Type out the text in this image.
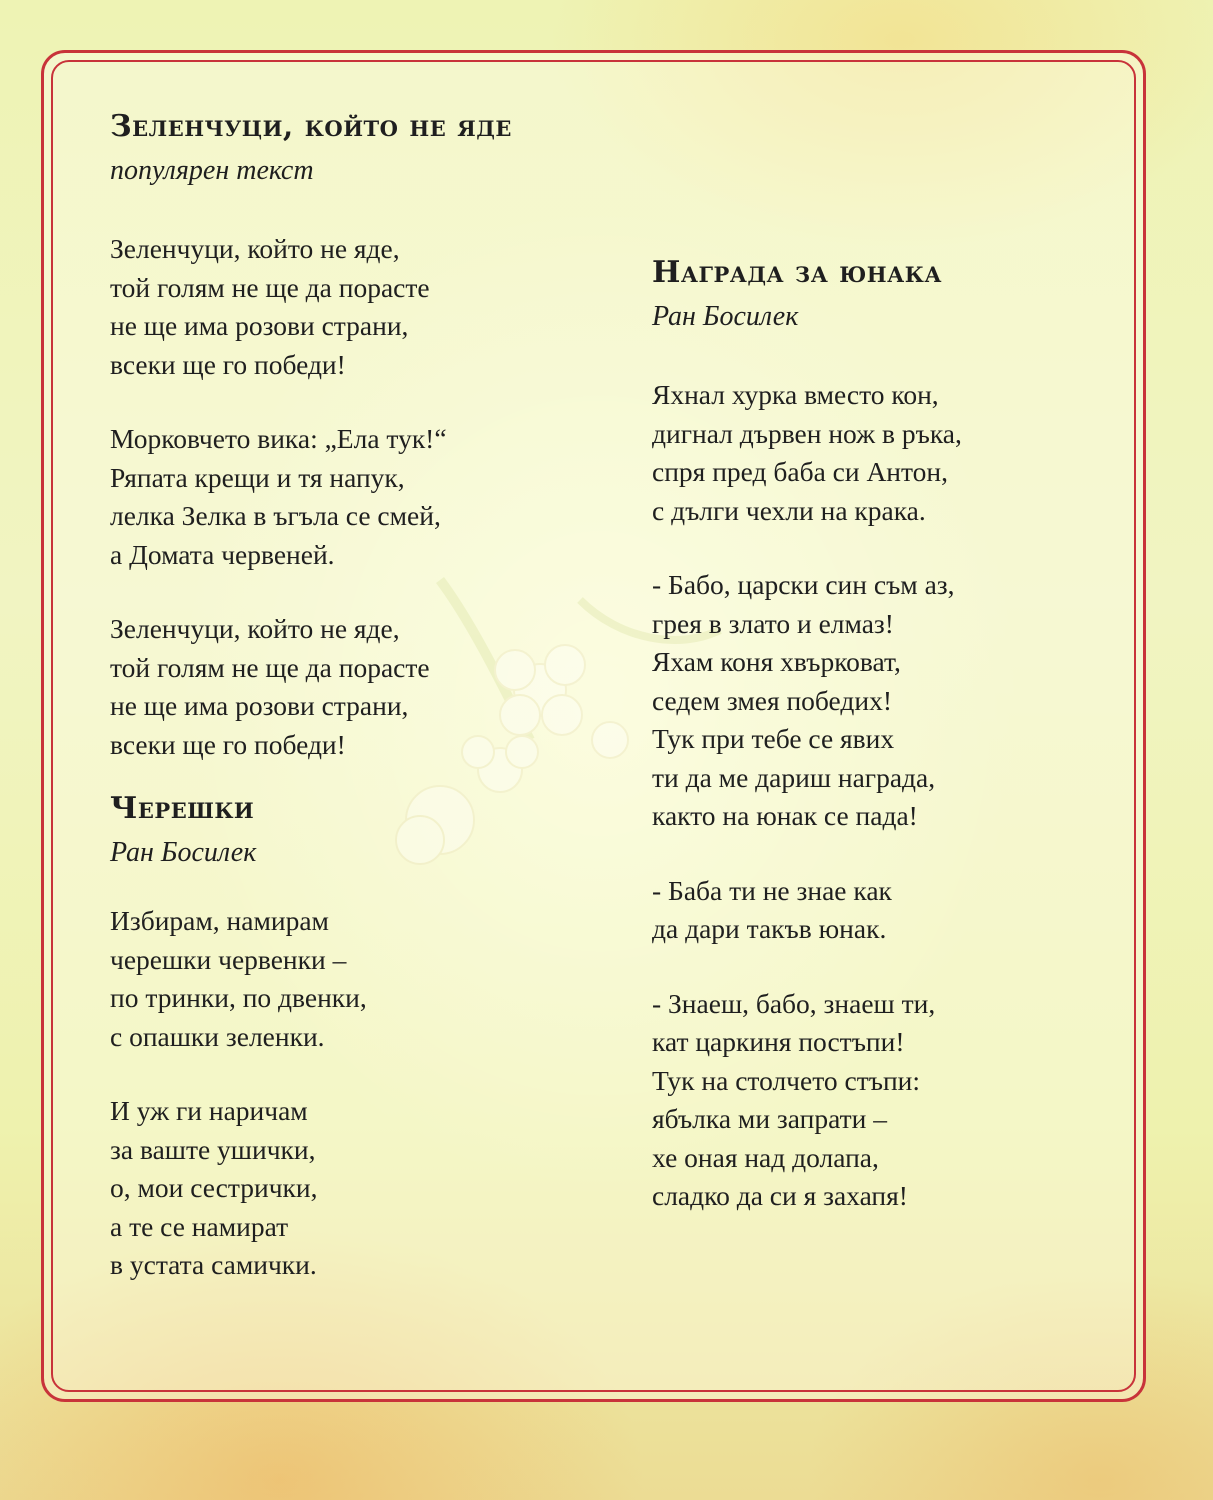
Зеленчуци, който не яде
популярен текст
Зеленчуци, който не яде,
той голям не ще да порасте
не ще има розови страни,
всеки ще го победи!
Морковчето вика: „Ела тук!“
Ряпата крещи и тя напук,
лелка Зелка в ъгъла се смей,
а Домата червеней.
Зеленчуци, който не яде,
той голям не ще да порасте
не ще има розови страни,
всеки ще го победи!
Черешки
Ран Босилек
Избирам, намирам
черешки червенки –
по тринки, по двенки,
с опашки зеленки.
И уж ги наричам
за ваште ушички,
о, мои сестрички,
а те се намират
в устата самички.
Награда за юнака
Ран Босилек
Яхнал хурка вместо кон,
дигнал дървен нож в ръка,
спря пред баба си Антон,
с дълги чехли на крака.
- Бабо, царски син съм аз,
грея в злато и елмаз!
Яхам коня хвърковат,
седем змея победих!
Тук при тебе се явих
ти да ме дариш награда,
както на юнак се пада!
- Баба ти не знае как
да дари такъв юнак.
- Знаеш, бабо, знаеш ти,
кат царкиня постъпи!
Тук на столчето стъпи:
ябълка ми запрати –
хе оная над долапа,
сладко да си я захапя!
